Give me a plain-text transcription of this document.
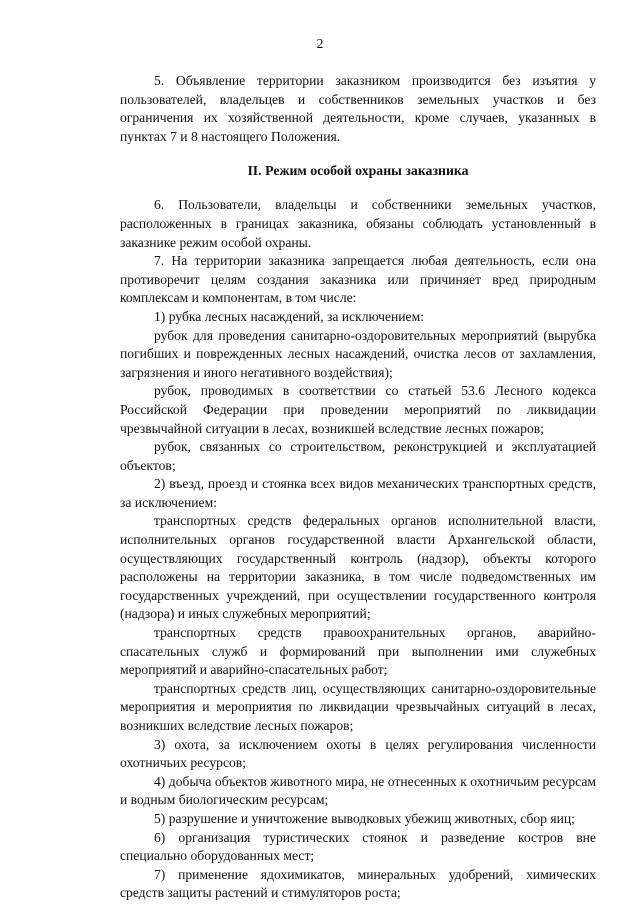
2

5. Объявление территории заказником производится без изъятия у пользователей, владельцев и собственников земельных участков и без ограничения их хозяйственной деятельности, кроме случаев, указанных в пунктах 7 и 8 настоящего Положения.

II. Режим особой охраны заказника

6. Пользователи, владельцы и собственники земельных участков, расположенных в границах заказника, обязаны соблюдать установленный в заказнике режим особой охраны.

7. На территории заказника запрещается любая деятельность, если она противоречит целям создания заказника или причиняет вред природным комплексам и компонентам, в том числе:

1) рубка лесных насаждений, за исключением:

рубок для проведения санитарно-оздоровительных мероприятий (вырубка погибших и поврежденных лесных насаждений, очистка лесов от захламления, загрязнения и иного негативного воздействия);

рубок, проводимых в соответствии со статьей 53.6 Лесного кодекса Российской Федерации при проведении мероприятий по ликвидации чрезвычайной ситуации в лесах, возникшей вследствие лесных пожаров;

рубок, связанных со строительством, реконструкцией и эксплуатацией объектов;

2) въезд, проезд и стоянка всех видов механических транспортных средств, за исключением:

транспортных средств федеральных органов исполнительной власти, исполнительных органов государственной власти Архангельской области, осуществляющих государственный контроль (надзор), объекты которого расположены на территории заказника, в том числе подведомственных им государственных учреждений, при осуществлении государственного контроля (надзора) и иных служебных мероприятий;

транспортных средств правоохранительных органов, аварийно-спасательных служб и формирований при выполнении ими служебных мероприятий и аварийно-спасательных работ;

транспортных средств лиц, осуществляющих санитарно-оздоровительные мероприятия и мероприятия по ликвидации чрезвычайных ситуаций в лесах, возникших вследствие лесных пожаров;

3) охота, за исключением охоты в целях регулирования численности охотничьих ресурсов;

4) добыча объектов животного мира, не отнесенных к охотничьим ресурсам и водным биологическим ресурсам;

5) разрушение и уничтожение выводковых убежищ животных, сбор яиц;

6) организация туристических стоянок и разведение костров вне специально оборудованных мест;

7) применение ядохимикатов, минеральных удобрений, химических средств защиты растений и стимуляторов роста;
